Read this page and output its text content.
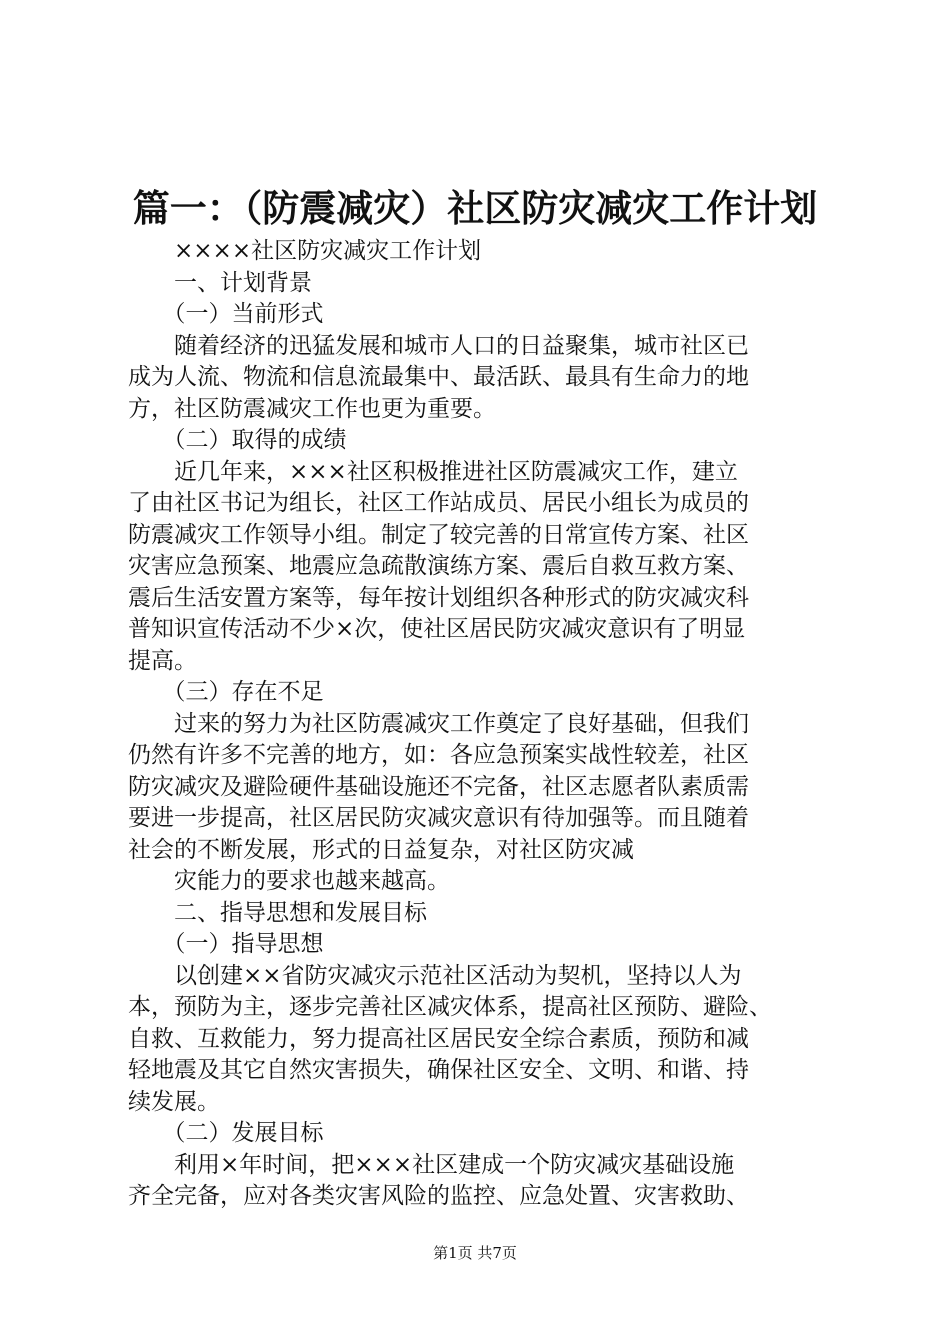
篇一：（防震减灾）社区防灾减灾工作计划
　　××××社区防灾减灾工作计划
　　一、计划背景
　　（一）当前形式
　　随着经济的迅猛发展和城市人口的日益聚集，城市社区已
成为人流、物流和信息流最集中、最活跃、最具有生命力的地
方，社区防震减灾工作也更为重要。
　　（二）取得的成绩
　　近几年来，×××社区积极推进社区防震减灾工作，建立
了由社区书记为组长，社区工作站成员、居民小组长为成员的
防震减灾工作领导小组。制定了较完善的日常宣传方案、社区
灾害应急预案、地震应急疏散演练方案、震后自救互救方案、
震后生活安置方案等，每年按计划组织各种形式的防灾减灾科
普知识宣传活动不少×次，使社区居民防灾减灾意识有了明显
提高。
　　（三）存在不足
　　过来的努力为社区防震减灾工作奠定了良好基础，但我们
仍然有许多不完善的地方，如：各应急预案实战性较差，社区
防灾减灾及避险硬件基础设施还不完备，社区志愿者队素质需
要进一步提高，社区居民防灾减灾意识有待加强等。而且随着
社会的不断发展，形式的日益复杂，对社区防灾减
　　灾能力的要求也越来越高。
　　二、指导思想和发展目标
　　（一）指导思想
　　以创建××省防灾减灾示范社区活动为契机，坚持以人为
本，预防为主，逐步完善社区减灾体系，提高社区预防、避险、
自救、互救能力，努力提高社区居民安全综合素质，预防和减
轻地震及其它自然灾害损失，确保社区安全、文明、和谐、持
续发展。
　　（二）发展目标
　　利用×年时间，把×××社区建成一个防灾减灾基础设施
齐全完备，应对各类灾害风险的监控、应急处置、灾害救助、
第1页 共7页
